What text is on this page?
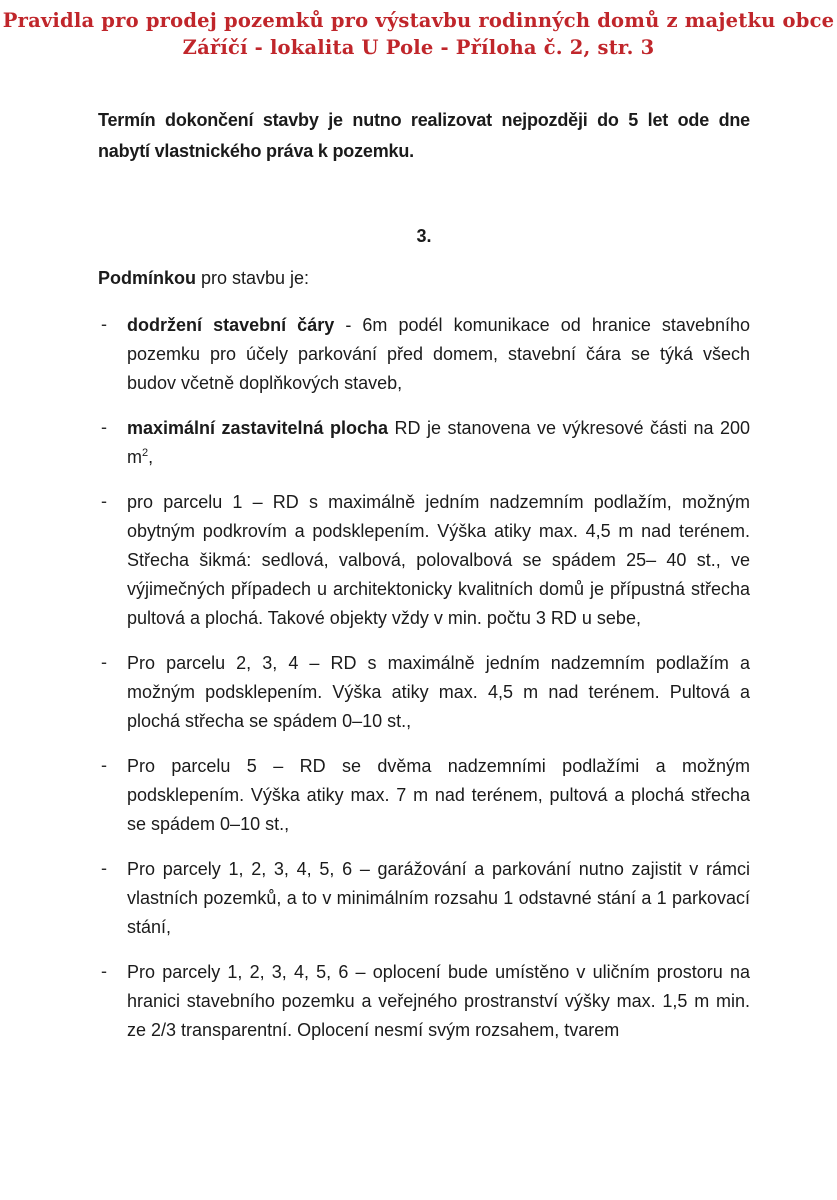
Pravidla pro prodej pozemků pro výstavbu rodinných domů z majetku obce
Záříčí - lokalita U Pole - Příloha č. 2, str. 3

Termín dokončení stavby je nutno realizovat nejpozději do 5 let ode dne nabytí vlastnického práva k pozemku.

3.

Podmínkou pro stavbu je:

- dodržení stavební čáry - 6m podél komunikace od hranice stavebního pozemku pro účely parkování před domem, stavební čára se týká všech budov včetně doplňkových staveb,
- maximální zastavitelná plocha RD je stanovena ve výkresové části na 200 $m^2$,
- pro parcelu 1 – RD s maximálně jedním nadzemním podlažím, možným obytným podkrovím a podsklepením. Výška atiky max. 4,5 m nad terénem. Střecha šikmá: sedlová, valbová, polovalbová se spádem 25– 40 st., ve výjimečných případech u architektonicky kvalitních domů je přípustná střecha pultová a plochá. Takové objekty vždy v min. počtu 3 RD u sebe,
- Pro parcelu 2, 3, 4 – RD s maximálně jedním nadzemním podlažím a možným podsklepením. Výška atiky max. 4,5 m nad terénem. Pultová a plochá střecha se spádem 0–10 st.,
- Pro parcelu 5 – RD se dvěma nadzemními podlažími a možným podsklepením. Výška atiky max. 7 m nad terénem, pultová a plochá střecha se spádem 0–10 st.,
- Pro parcely 1, 2, 3, 4, 5, 6 – garážování a parkování nutno zajistit v rámci vlastních pozemků, a to v minimálním rozsahu 1 odstavné stání a 1 parkovací stání,
- Pro parcely 1, 2, 3, 4, 5, 6 – oplocení bude umístěno v uličním prostoru na hranici stavebního pozemku a veřejného prostranství výšky max. 1,5 m min. ze 2/3 transparentní. Oplocení nesmí svým rozsahem, tvarem
